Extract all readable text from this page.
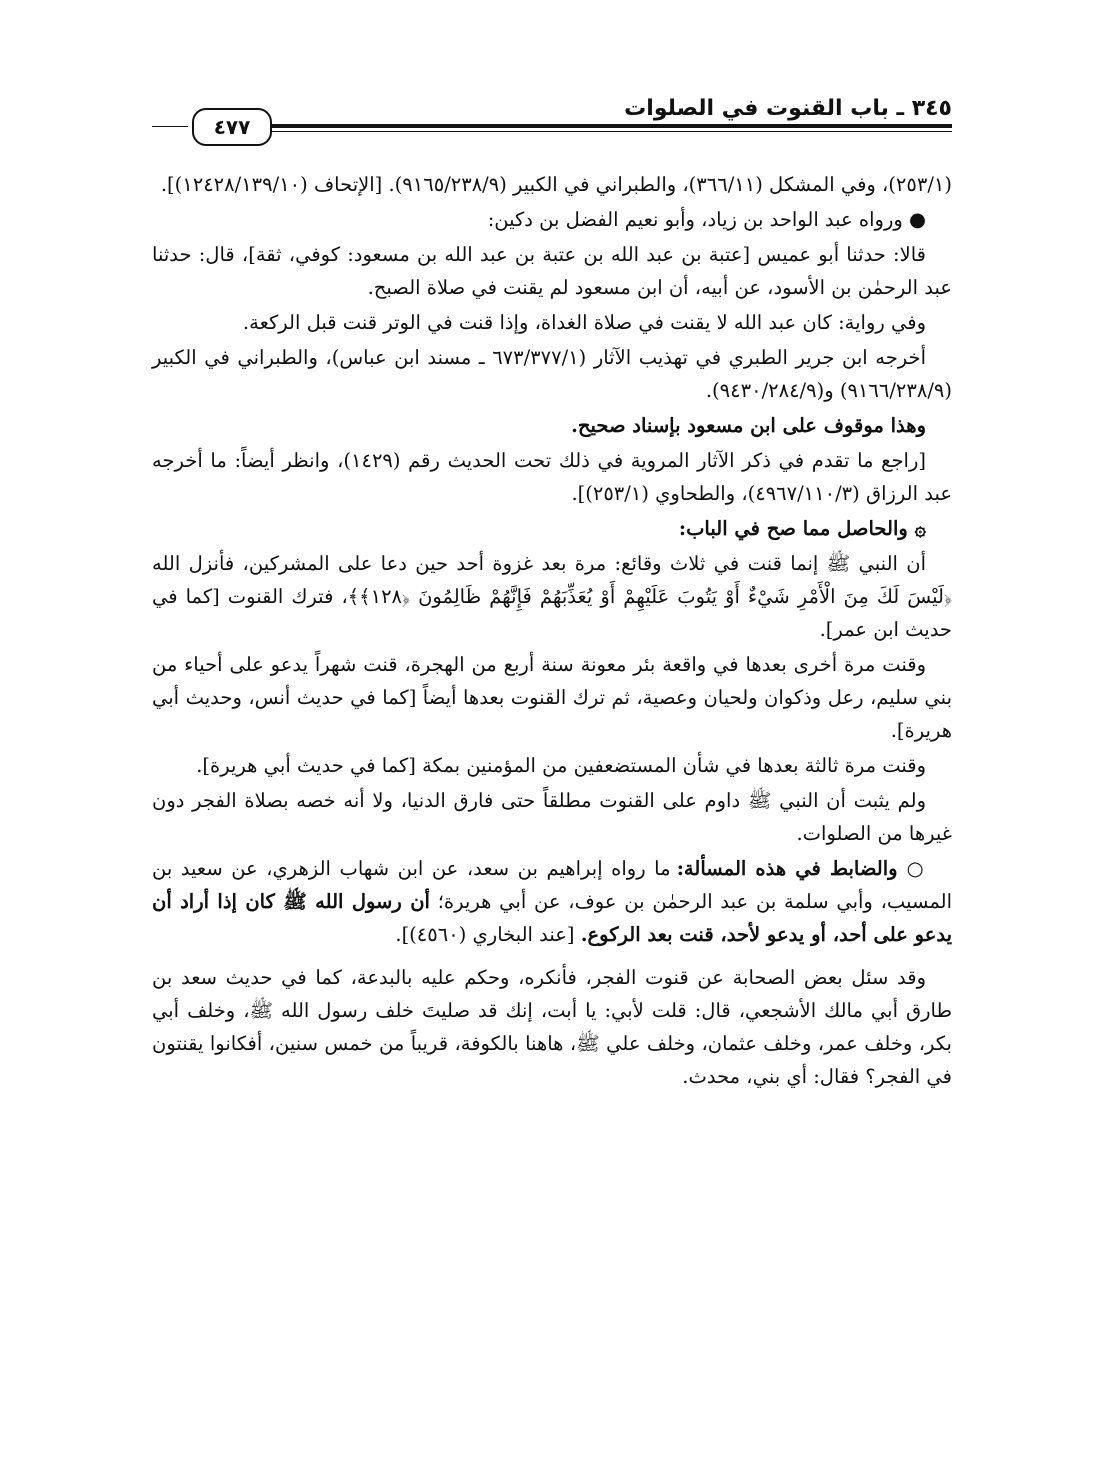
٣٤٥ ـ باب القنوت في الصلوات
٤٧٧

(٢٥٣/١)، وفي المشكل (٣٦٦/١١)، والطبراني في الكبير (٩١٦٥/٢٣٨/٩). [الإتحاف (١٢٤٢٨/١٣٩/١٠)].

● ورواه عبد الواحد بن زياد، وأبو نعيم الفضل بن دكين:

قالا: حدثنا أبو عميس [عتبة بن عبد الله بن عتبة بن عبد الله بن مسعود: كوفي، ثقة]، قال: حدثنا عبد الرحمٰن بن الأسود، عن أبيه، أن ابن مسعود لم يقنت في صلاة الصبح.

وفي رواية: كان عبد الله لا يقنت في صلاة الغداة، وإذا قنت في الوتر قنت قبل الركعة.

أخرجه ابن جرير الطبري في تهذيب الآثار (٦٧٣/٣٧٧/١ ـ مسند ابن عباس)، والطبراني في الكبير (٩١٦٦/٢٣٨/٩) و(٩٤٣٠/٢٨٤/٩).

وهذا موقوف على ابن مسعود بإسناد صحيح.

[راجع ما تقدم في ذكر الآثار المروية في ذلك تحت الحديث رقم (١٤٢٩)، وانظر أيضاً: ما أخرجه عبد الرزاق (٤٩٦٧/١١٠/٣)، والطحاوي (٢٥٣/١)].

۞ والحاصل مما صح في الباب:

أن النبي ﷺ إنما قنت في ثلاث وقائع: مرة بعد غزوة أحد حين دعا على المشركين، فأنزل الله ﴿لَيْسَ لَكَ مِنَ الْأَمْرِ شَيْءٌ أَوْ يَتُوبَ عَلَيْهِمْ أَوْ يُعَذِّبَهُمْ فَإِنَّهُمْ ظَالِمُونَ ﴿١٢٨﴾﴾، فترك القنوت [كما في حديث ابن عمر].

وقنت مرة أخرى بعدها في واقعة بئر معونة سنة أربع من الهجرة، قنت شهراً يدعو على أحياء من بني سليم، رعل وذكوان ولحيان وعصية، ثم ترك القنوت بعدها أيضاً [كما في حديث أنس، وحديث أبي هريرة].

وقنت مرة ثالثة بعدها في شأن المستضعفين من المؤمنين بمكة [كما في حديث أبي هريرة].

ولم يثبت أن النبي ﷺ داوم على القنوت مطلقاً حتى فارق الدنيا، ولا أنه خصه بصلاة الفجر دون غيرها من الصلوات.

○ والضابط في هذه المسألة: ما رواه إبراهيم بن سعد، عن ابن شهاب الزهري، عن سعيد بن المسيب، وأبي سلمة بن عبد الرحمٰن بن عوف، عن أبي هريرة؛ أن رسول الله ﷺ كان إذا أراد أن يدعو على أحد، أو يدعو لأحد، قنت بعد الركوع. [عند البخاري (٤٥٦٠)].

وقد سئل بعض الصحابة عن قنوت الفجر، فأنكره، وحكم عليه بالبدعة، كما في حديث سعد بن طارق أبي مالك الأشجعي، قال: قلت لأبي: يا أبت، إنك قد صليتَ خلف رسول الله ﷺ، وخلف أبي بكر، وخلف عمر، وخلف عثمان، وخلف علي ﷺ، هاهنا بالكوفة، قريباً من خمس سنين، أفكانوا يقنتون في الفجر؟ فقال: أي بني، محدث.
